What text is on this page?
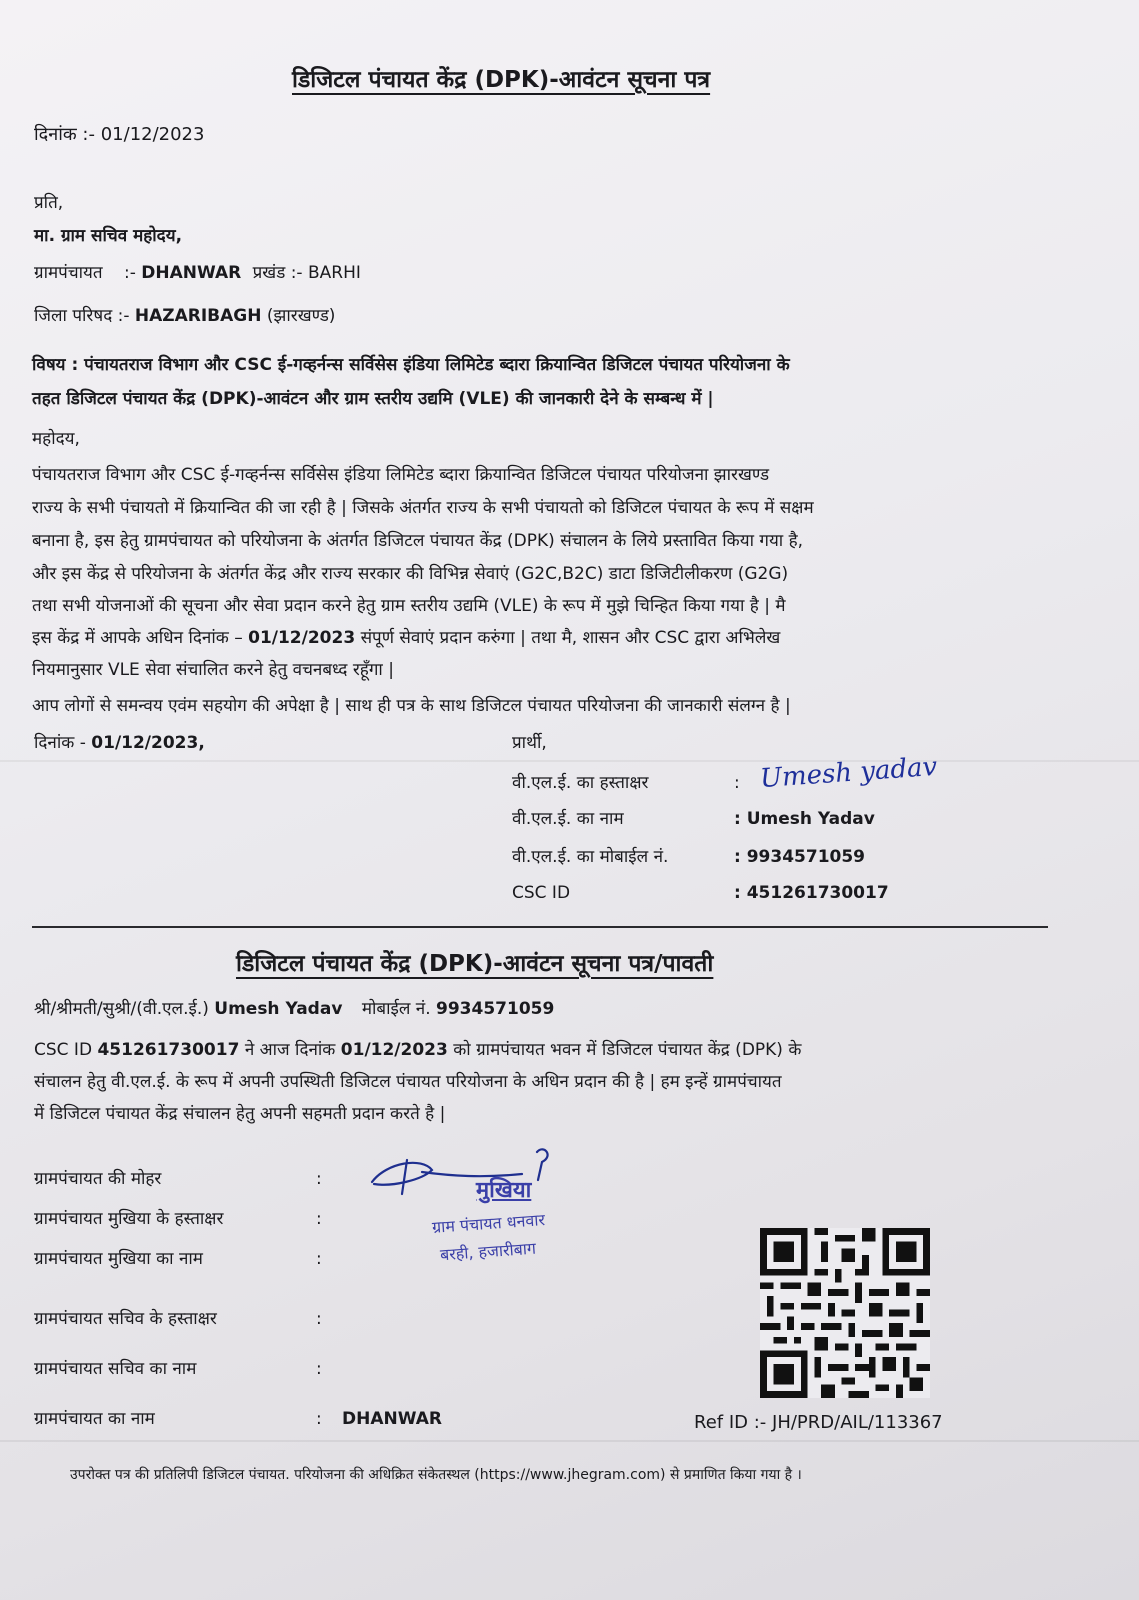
डिजिटल पंचायत केंद्र (DPK)-आवंटन सूचना पत्र
दिनांक :- 01/12/2023
प्रति,
मा. ग्राम सचिव महोदय,
ग्रामपंचायत :- DHANWAR प्रखंड :- BARHI
जिला परिषद :- HAZARIBAGH (झारखण्ड)
विषय : पंचायतराज विभाग और CSC ई-गव्हर्नन्स सर्विसेस इंडिया लिमिटेड ब्दारा क्रियान्वित डिजिटल पंचायत परियोजना के
तहत डिजिटल पंचायत केंद्र (DPK)-आवंटन और ग्राम स्तरीय उद्यमि (VLE) की जानकारी देने के सम्बन्ध में |
महोदय,
पंचायतराज विभाग और CSC ई-गव्हर्नन्स सर्विसेस इंडिया लिमिटेड ब्दारा क्रियान्वित डिजिटल पंचायत परियोजना झारखण्ड
राज्य के सभी पंचायतो में क्रियान्वित की जा रही है | जिसके अंतर्गत राज्य के सभी पंचायतो को डिजिटल पंचायत के रूप में सक्षम
बनाना है, इस हेतु ग्रामपंचायत को परियोजना के अंतर्गत डिजिटल पंचायत केंद्र (DPK) संचालन के लिये प्रस्तावित किया गया है,
और इस केंद्र से परियोजना के अंतर्गत केंद्र और राज्य सरकार की विभिन्न सेवाएं (G2C,B2C) डाटा डिजिटीलीकरण (G2G)
तथा सभी योजनाओं की सूचना और सेवा प्रदान करने हेतु ग्राम स्तरीय उद्यमि (VLE) के रूप में मुझे चिन्हित किया गया है | मै
इस केंद्र में आपके अधिन दिनांक – 01/12/2023 संपूर्ण सेवाएं प्रदान करुंगा | तथा मै, शासन और CSC द्वारा अभिलेख
नियमानुसार VLE सेवा संचालित करने हेतु वचनबध्द रहूँगा |
आप लोगों से समन्वय एवंम सहयोग की अपेक्षा है | साथ ही पत्र के साथ डिजिटल पंचायत परियोजना की जानकारी संलग्न है |
दिनांक - 01/12/2023,	प्रार्थी,
वी.एल.ई. का हस्ताक्षर	: Umesh yadav
वी.एल.ई. का नाम	: Umesh Yadav
वी.एल.ई. का मोबाईल नं.	: 9934571059
CSC ID	: 451261730017
डिजिटल पंचायत केंद्र (DPK)-आवंटन सूचना पत्र/पावती
श्री/श्रीमती/सुश्री/(वी.एल.ई.) Umesh Yadav मोबाईल नं. 9934571059
CSC ID 451261730017 ने आज दिनांक 01/12/2023 को ग्रामपंचायत भवन में डिजिटल पंचायत केंद्र (DPK) के
संचालन हेतु वी.एल.ई. के रूप में अपनी उपस्थिती डिजिटल पंचायत परियोजना के अधिन प्रदान की है | हम इन्हें ग्रामपंचायत
में डिजिटल पंचायत केंद्र संचालन हेतु अपनी सहमती प्रदान करते है |
ग्रामपंचायत की मोहर	:
ग्रामपंचायत मुखिया के हस्ताक्षर	:
ग्रामपंचायत मुखिया का नाम	:
ग्रामपंचायत सचिव के हस्ताक्षर	:
ग्रामपंचायत सचिव का नाम	:
ग्रामपंचायत का नाम	: DHANWAR
मुखिया
ग्राम पंचायत धनवार
बरही, हजारीबाग
Ref ID :- JH/PRD/AIL/113367
उपरोक्त पत्र की प्रतिलिपी डिजिटल पंचायत. परियोजना की अधिक्रित संकेतस्थल (https://www.jhegram.com) से प्रमाणित किया गया है ।
